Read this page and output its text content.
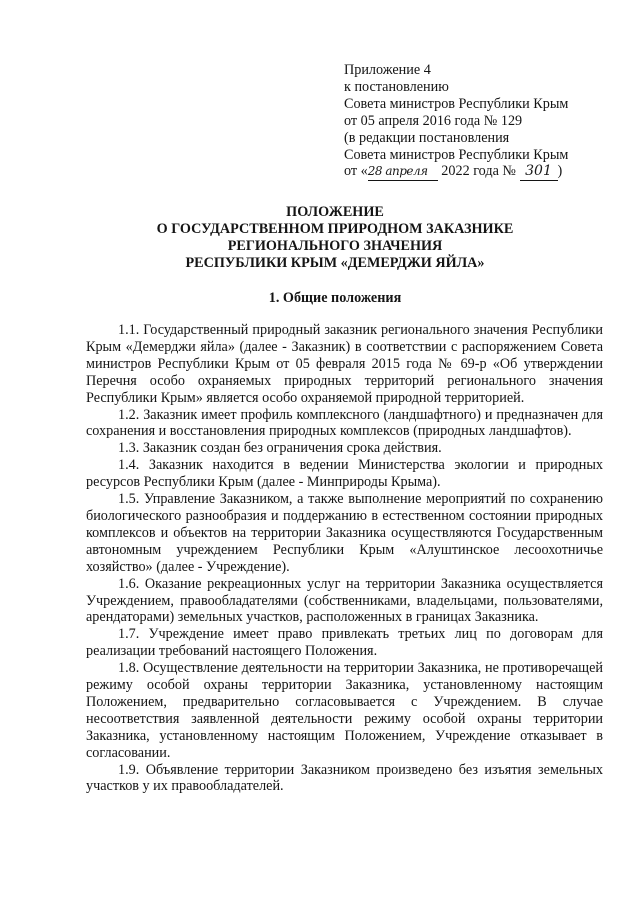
Приложение 4
к постановлению
Совета министров Республики Крым
от 05 апреля 2016 года № 129
(в редакции постановления
Совета министров Республики Крым
от «28 апреля 2022 года № 301 )
ПОЛОЖЕНИЕ
О ГОСУДАРСТВЕННОМ ПРИРОДНОМ ЗАКАЗНИКЕ
РЕГИОНАЛЬНОГО ЗНАЧЕНИЯ
РЕСПУБЛИКИ КРЫМ «ДЕМЕРДЖИ ЯЙЛА»
1. Общие положения

1.1. Государственный природный заказник регионального значения Республики Крым «Демерджи яйла» (далее - Заказник) в соответствии с распоряжением Совета министров Республики Крым от 05 февраля 2015 года № 69-р «Об утверждении Перечня особо охраняемых природных территорий регионального значения Республики Крым» является особо охраняемой природной территорией.

1.2. Заказник имеет профиль комплексного (ландшафтного) и предназначен для сохранения и восстановления природных комплексов (природных ландшафтов).

1.3. Заказник создан без ограничения срока действия.

1.4. Заказник находится в ведении Министерства экологии и природных ресурсов Республики Крым (далее - Минприроды Крыма).

1.5. Управление Заказником, а также выполнение мероприятий по сохранению биологического разнообразия и поддержанию в естественном состоянии природных комплексов и объектов на территории Заказника осуществляются Государственным автономным учреждением Республики Крым «Алуштинское лесоохотничье хозяйство» (далее - Учреждение).

1.6. Оказание рекреационных услуг на территории Заказника осуществляется Учреждением, правообладателями (собственниками, владельцами, пользователями, арендаторами) земельных участков, расположенных в границах Заказника.

1.7. Учреждение имеет право привлекать третьих лиц по договорам для реализации требований настоящего Положения.

1.8. Осуществление деятельности на территории Заказника, не противоречащей режиму особой охраны территории Заказника, установленному настоящим Положением, предварительно согласовывается с Учреждением. В случае несоответствия заявленной деятельности режиму особой охраны территории Заказника, установленному настоящим Положением, Учреждение отказывает в согласовании.

1.9. Объявление территории Заказником произведено без изъятия земельных участков у их правообладателей.
